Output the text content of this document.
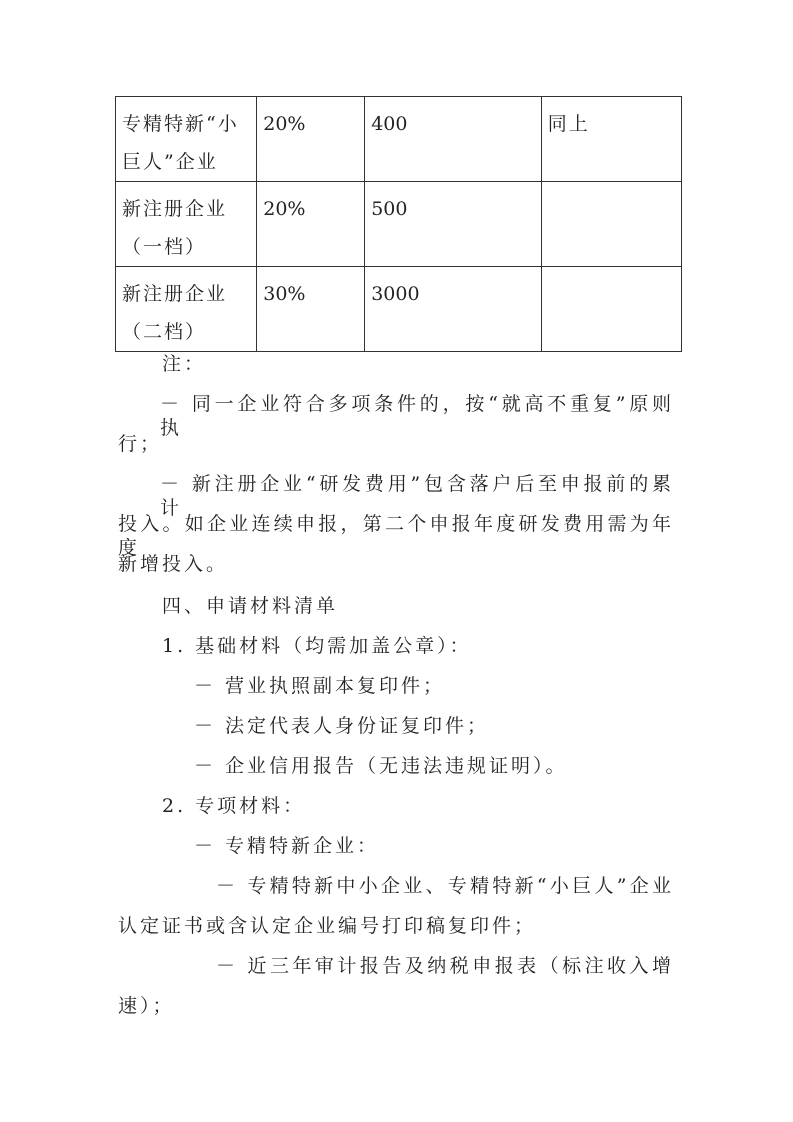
专精特新“小巨人”企业	20%	400	同上
新注册企业（一档）	20%	500	
新注册企业（二档）	30%	3000	
注：
－ 同一企业符合多项条件的，按“就高不重复”原则执
行；
－ 新注册企业“研发费用”包含落户后至申报前的累计
投入。如企业连续申报，第二个申报年度研发费用需为年度
新增投入。
四、申请材料清单
1. 基础材料（均需加盖公章）：
－ 营业执照副本复印件；
－ 法定代表人身份证复印件；
－ 企业信用报告（无违法违规证明）。
2. 专项材料：
－ 专精特新企业：
－ 专精特新中小企业、专精特新“小巨人”企业
认定证书或含认定企业编号打印稿复印件；
－ 近三年审计报告及纳税申报表（标注收入增
速）；
